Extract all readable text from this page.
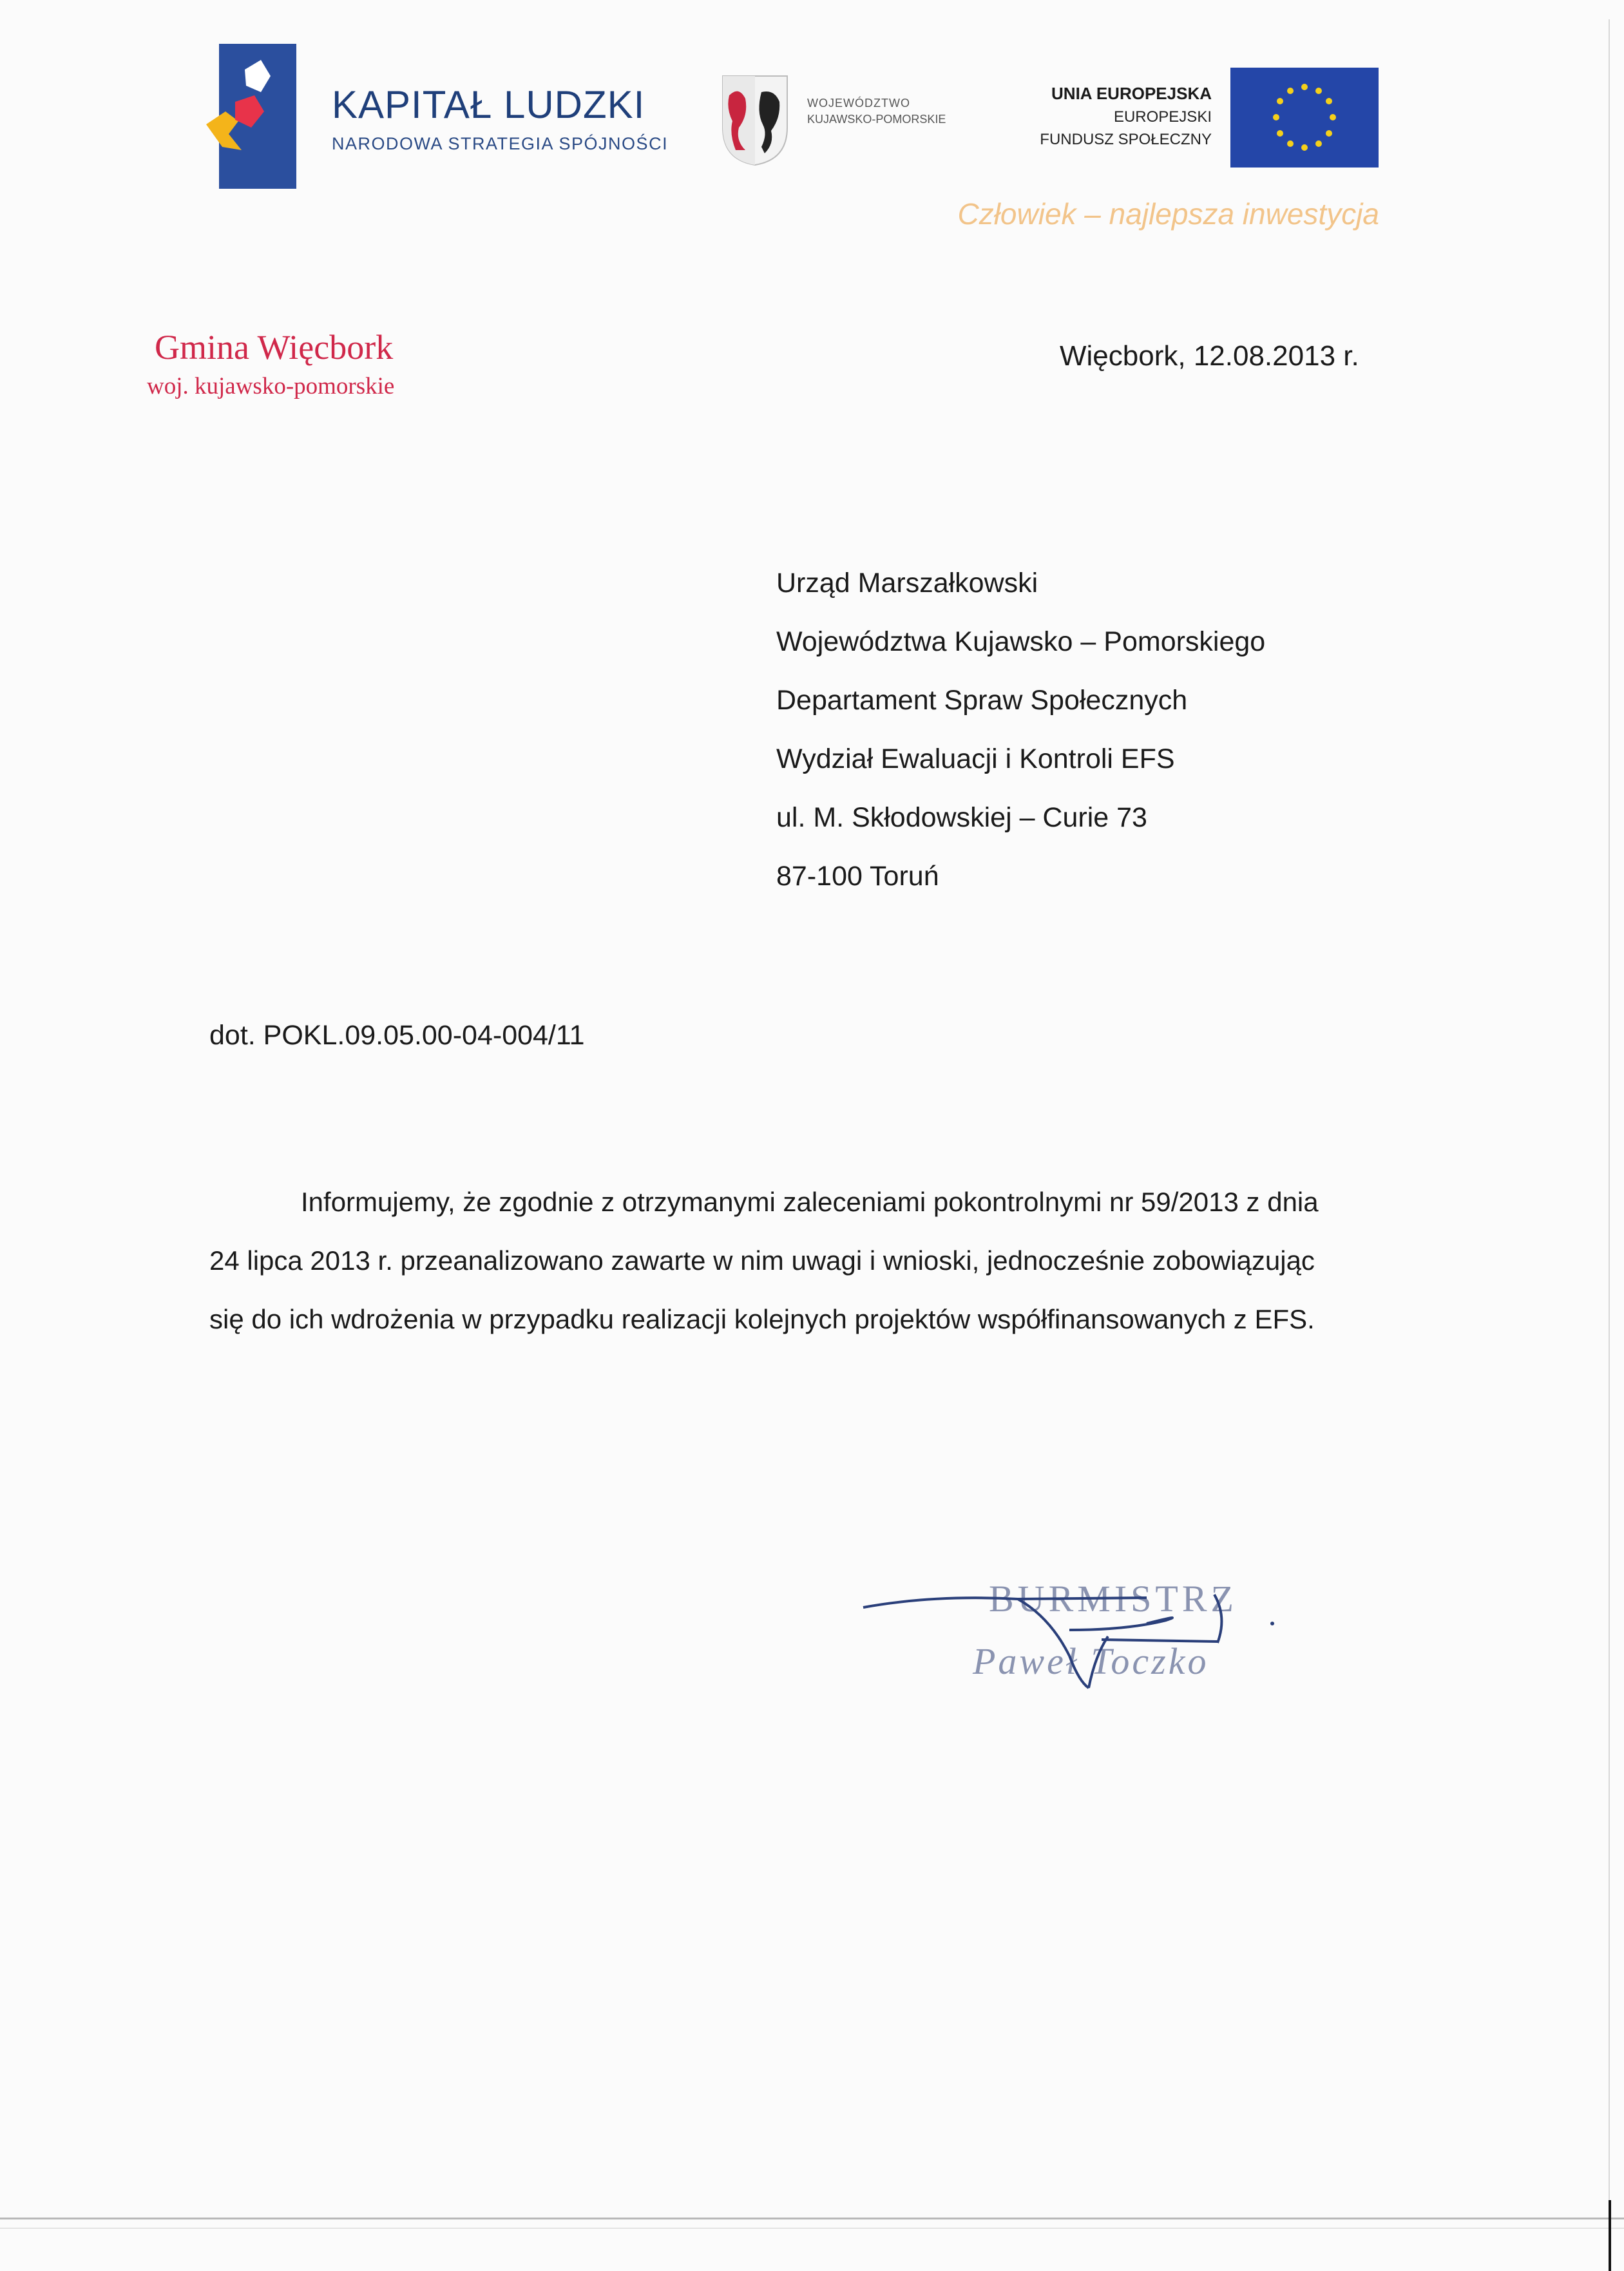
KAPITAŁ LUDZKI
NARODOWA STRATEGIA SPÓJNOŚCI
WOJEWÓDZTWO
KUJAWSKO-POMORSKIE
UNIA EUROPEJSKA
EUROPEJSKI
FUNDUSZ SPOŁECZNY
Człowiek – najlepsza inwestycja
Gmina Więcbork
woj. kujawsko-pomorskie
Więcbork, 12.08.2013 r.
Urząd Marszałkowski
Województwa Kujawsko – Pomorskiego
Departament Spraw Społecznych
Wydział Ewaluacji i Kontroli EFS
ul. M. Skłodowskiej – Curie 73
87-100 Toruń
dot. POKL.09.05.00-04-004/11
Informujemy, że zgodnie z otrzymanymi zaleceniami pokontrolnymi nr 59/2013 z dnia
24 lipca 2013 r. przeanalizowano zawarte w nim uwagi i wnioski, jednocześnie zobowiązując
się do ich wdrożenia w przypadku realizacji kolejnych projektów współfinansowanych z EFS.
BURMISTRZ
Paweł Toczko
